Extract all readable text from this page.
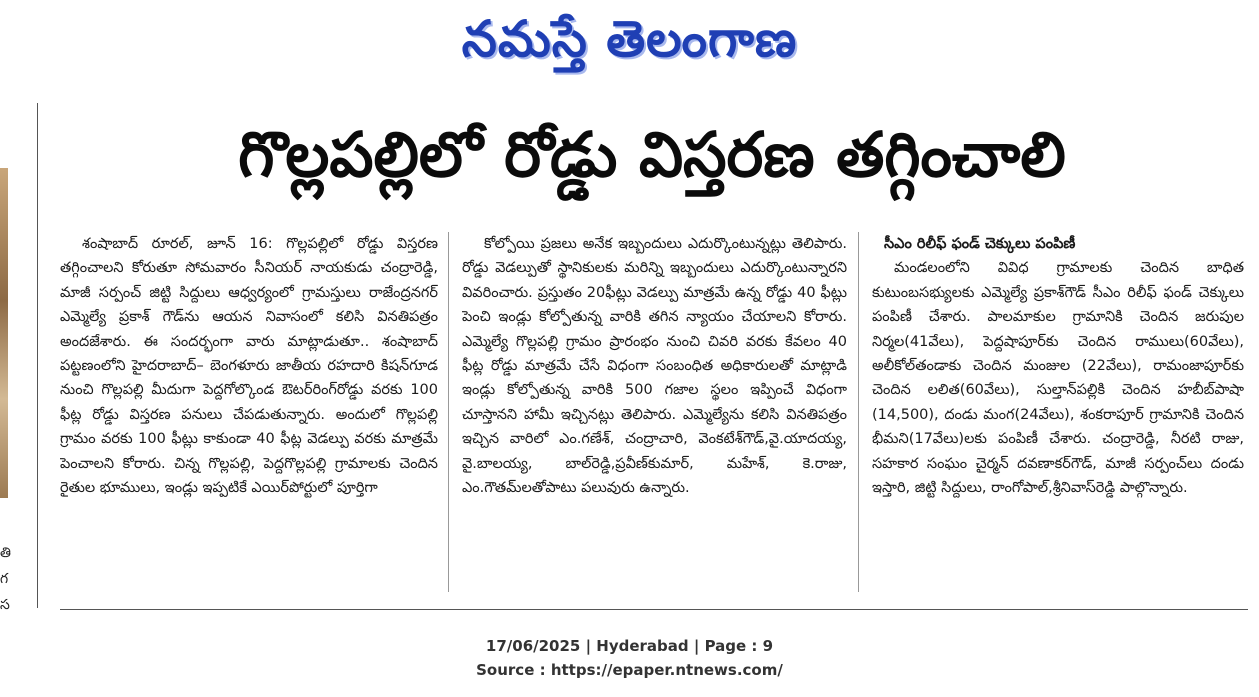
నమస్తే తెలంగాణ
తి
గ
స
గొల్లపల్లిలో రోడ్డు విస్తరణ తగ్గించాలి

శంషాబాద్‌ రూరల్‌, జూన్‌ 16: గొల్లపల్లిలో రోడ్డు విస్తరణ తగ్గించాలని కోరుతూ సోమవారం సీనియర్‌ నాయకుడు చంద్రారెడ్డి, మాజీ సర్పంచ్‌ జిట్టి సిద్దులు ఆధ్వర్యంలో గ్రామస్తులు రాజేంద్రనగర్‌ ఎమ్మెల్యే ప్రకాశ్‌ గౌడ్‌ను ఆయన నివాసంలో కలిసి వినతిపత్రం అందజేశారు. ఈ సందర్భంగా వారు మాట్లాడుతూ.. శంషాబాద్‌ పట్టణంలోని హైదరాబాద్‌– బెంగళూరు జాతీయ రహదారి కిషన్‌గూడ నుంచి గొల్లపల్లి మీదుగా పెద్దగోల్కొండ ఔటర్‌రింగ్‌రోడ్డు వరకు 100 ఫీట్ల రోడ్డు విస్తరణ పనులు చేపడుతున్నారు. అందులో గొల్లపల్లి గ్రామం వరకు 100 ఫీట్లు కాకుండా 40 ఫీట్ల వెడల్పు వరకు మాత్రమే పెంచాలని కోరారు. చిన్న గొల్లపల్లి, పెద్దగొల్లపల్లి గ్రామాలకు చెందిన రైతుల భూములు, ఇండ్లు ఇప్పటికే ఎయిర్‌పోర్టులో పూర్తిగా

కోల్పోయి ప్రజలు అనేక ఇబ్బందులు ఎదుర్కొంటున్నట్లు తెలిపారు. రోడ్డు వెడల్పుతో స్థానికులకు మరిన్ని ఇబ్బందులు ఎదుర్కొంటున్నారని వివరించారు. ప్రస్తుతం 20ఫీట్లు వెడల్పు మాత్రమే ఉన్న రోడ్డు 40 ఫీట్లు పెంచి ఇండ్లు కోల్పోతున్న వారికి తగిన న్యాయం చేయాలని కోరారు. ఎమ్మెల్యే గొల్లపల్లి గ్రామం ప్రారంభం నుంచి చివరి వరకు కేవలం 40 ఫీట్ల రోడ్డు మాత్రమే చేసే విధంగా సంబంధిత అధికారులతో మాట్లాడి ఇండ్లు కోల్పోతున్న వారికి 500 గజాల స్థలం ఇప్పించే విధంగా చూస్తానని హామీ ఇచ్చినట్లు తెలిపారు. ఎమ్మెల్యేను కలిసి వినతిపత్రం ఇచ్చిన వారిలో ఎం.గణేశ్‌, చంద్రాచారి, వెంకటేశ్‌గౌడ్‌,వై.యాదయ్య, వై.బాలయ్య, బాల్‌రెడ్డి,ప్రవీణ్‌కుమార్‌, మహేశ్‌, కె.రాజు, ఎం.గౌతమ్‌లతోపాటు పలువురు ఉన్నారు.

సీఎం రిలీఫ్‌ ఫండ్‌ చెక్కులు పంపిణీ

మండలంలోని వివిధ గ్రామాలకు చెందిన బాధిత కుటుంబసభ్యులకు ఎమ్మెల్యే ప్రకాశ్‌గౌడ్‌ సీఎం రిలీఫ్‌ ఫండ్‌ చెక్కులు పంపిణీ చేశారు. పాలమాకుల గ్రామానికి చెందిన జరుపుల నిర్మల(41వేలు), పెద్దషాపూర్‌కు చెందిన రాములు(60వేలు), అలీకోల్‌తండాకు చెందిన మంజుల (22వేలు), రామంజాపూర్‌కు చెందిన లలిత(60వేలు), సుల్తాన్‌పల్లికి చెందిన హబీబ్‌పాషా (14,500), దండు మంగ(24వేలు), శంకరాపూర్‌ గ్రామానికి చెందిన భీమని(17వేలు)లకు పంపిణీ చేశారు. చంద్రారెడ్డి, నీరటి రాజు, సహకార సంఘం చైర్మన్‌ దవణాకర్‌గౌడ్‌, మాజీ సర్పంచ్‌లు దండు ఇస్తారి, జిట్టి సిద్దులు, రాంగోపాల్‌,శ్రీనివాస్‌రెడ్డి పాల్గొన్నారు.

17/06/2025 | Hyderabad | Page : 9
Source : https://epaper.ntnews.com/
